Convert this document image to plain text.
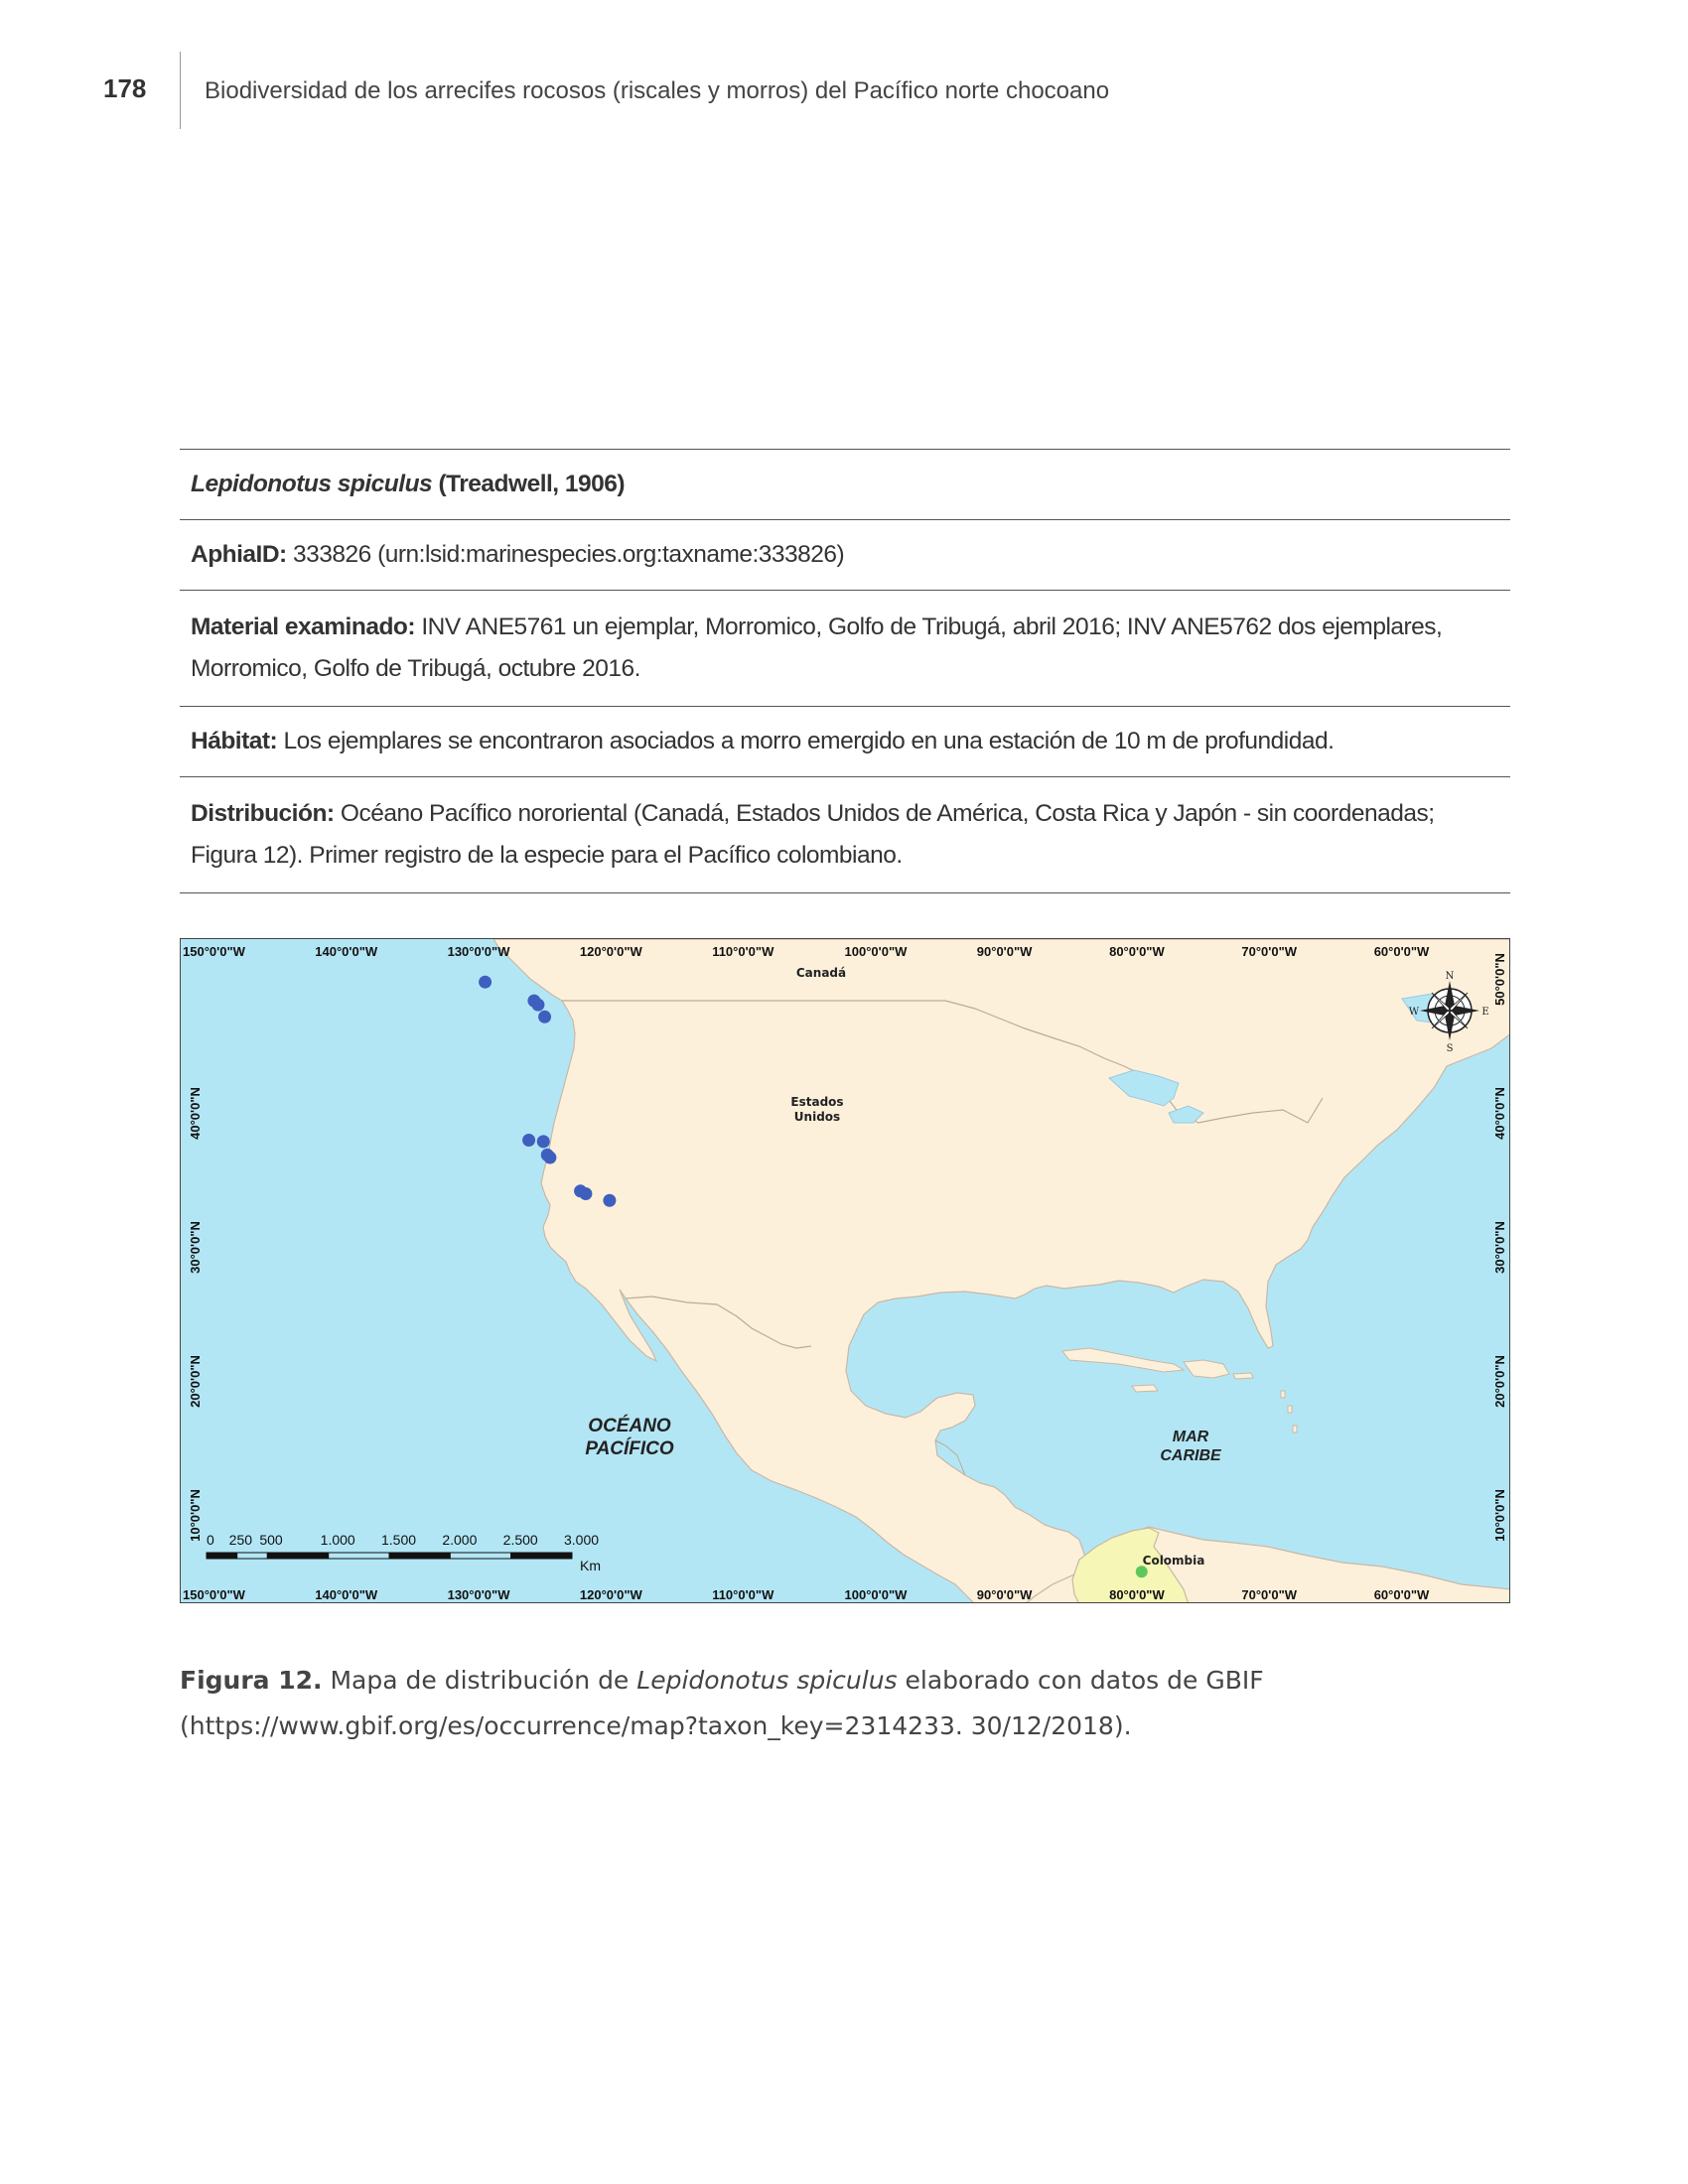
178 Biodiversidad de los arrecifes rocosos (riscales y morros) del Pacífico norte chocoano
Lepidonotus spiculus (Treadwell, 1906)
AphiaID: 333826 (urn:lsid:marinespecies.org:taxname:333826)
Material examinado: INV ANE5761 un ejemplar, Morromico, Golfo de Tribugá, abril 2016; INV ANE5762 dos ejemplares, Morromico, Golfo de Tribugá, octubre 2016.
Hábitat: Los ejemplares se encontraron asociados a morro emergido en una estación de 10 m de profundidad.
Distribución: Océano Pacífico nororiental (Canadá, Estados Unidos de América, Costa Rica y Japón - sin coordenadas; Figura 12). Primer registro de la especie para el Pacífico colombiano.
150°0'0"W	140°0'0"W	130°0'0"W	120°0'0"W	110°0'0"W	100°0'0"W	90°0'0"W	80°0'0"W	70°0'0"W	60°0'0"W
150°0'0"W	140°0'0"W	130°0'0"W	120°0'0"W	110°0'0"W	100°0'0"W	90°0'0"W	80°0'0"W	70°0'0"W	60°0'0"W
40°0'0"N
30°0'0"N
20°0'0"N
10°0'0"N
50°0'0"N
40°0'0"N
30°0'0"N
20°0'0"N
10°0'0"N
Canadá
Estados
Unidos
OCÉANO
PACÍFICO
MAR
CARIBE
Colombia
N
S
E
W
0 250 500	1.000 1.500 2.000 2.500 3.000
Km
Figura 12. Mapa de distribución de Lepidonotus spiculus elaborado con datos de GBIF
(https://www.gbif.org/es/occurrence/map?taxon_key=2314233. 30/12/2018).
